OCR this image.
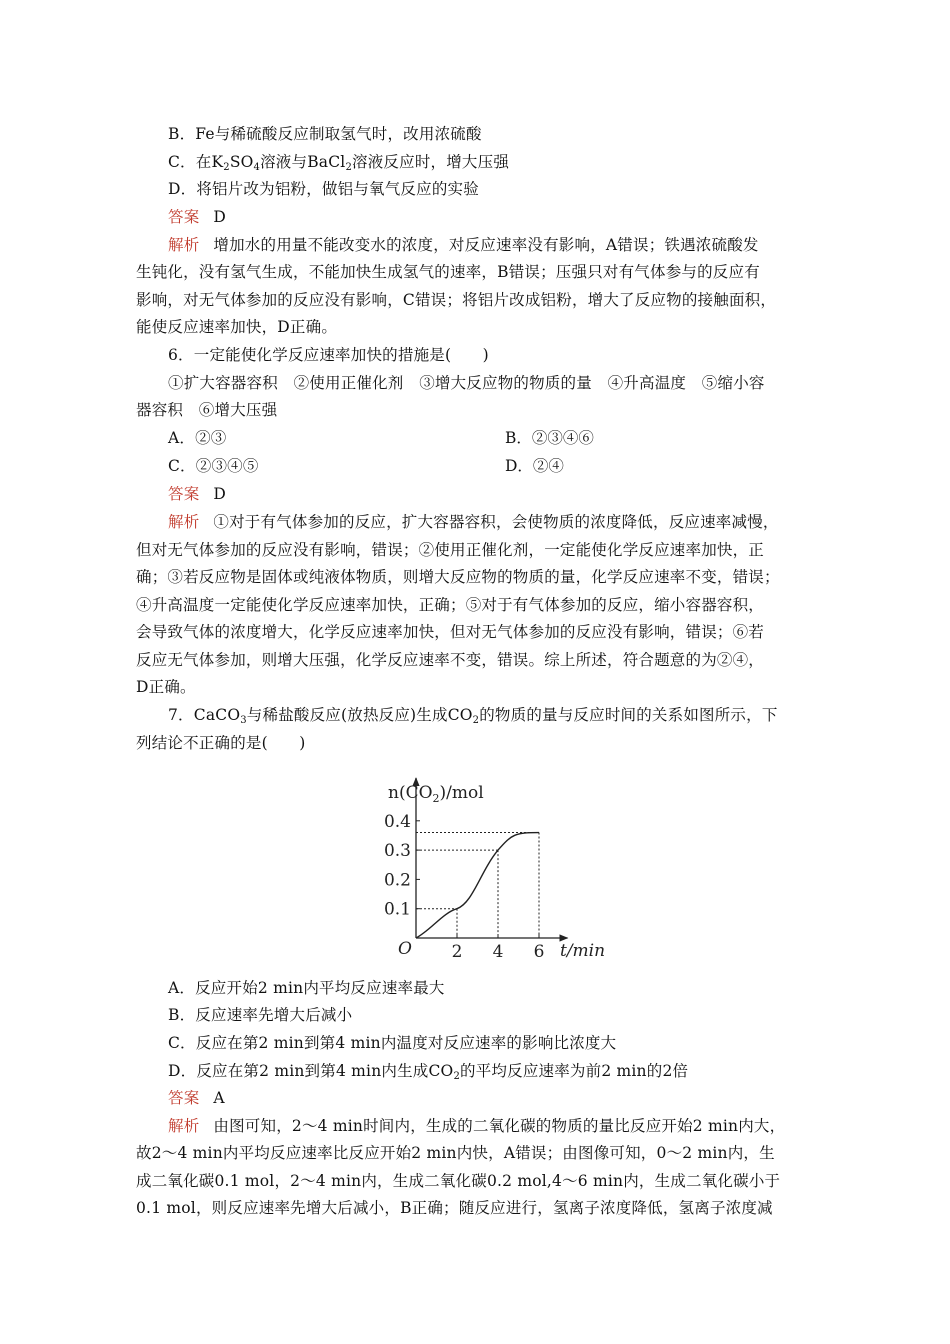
B．Fe与稀硫酸反应制取氢气时，改用浓硫酸
C．在$K_2SO_4$溶液与BaCl$_2$溶液反应时，增大压强
D．将铝片改为铝粉，做铝与氧气反应的实验
答案 D
解析 增加水的用量不能改变水的浓度，对反应速率没有影响，A错误；铁遇浓硫酸发
生钝化，没有氢气生成，不能加快生成氢气的速率，B错误；压强只对有气体参与的反应有
影响，对无气体参加的反应没有影响，C错误；将铝片改成铝粉，增大了反应物的接触面积，
能使反应速率加快，D正确。
6．一定能使化学反应速率加快的措施是(　　)
①扩大容器容积　②使用正催化剂　③增大反应物的物质的量　④升高温度　⑤缩小容
器容积　⑥增大压强
A．②③	B．②③④⑥
C．②③④⑤	D．②④
答案 D
解析 ①对于有气体参加的反应，扩大容器容积，会使物质的浓度降低，反应速率减慢，
但对无气体参加的反应没有影响，错误；②使用正催化剂，一定能使化学反应速率加快，正
确；③若反应物是固体或纯液体物质，则增大反应物的物质的量，化学反应速率不变，错误；
④升高温度一定能使化学反应速率加快，正确；⑤对于有气体参加的反应，缩小容器容积，
会导致气体的浓度增大，化学反应速率加快，但对无气体参加的反应没有影响，错误；⑥若
反应无气体参加，则增大压强，化学反应速率不变，错误。综上所述，符合题意的为②④，
D正确。
7．CaCO$_3$与稀盐酸反应(放热反应)生成$CO_2$的物质的量与反应时间的关系如图所示，下
列结论不正确的是(　　)
0.1
0.2
0.3
0.4
2 4 6
$n(CO_2)$/mol
t/min
O
A．反应开始2 min内平均反应速率最大
B．反应速率先增大后减小
C．反应在第2 min到第4 min内温度对反应速率的影响比浓度大
D．反应在第2 min到第4 min内生成$CO_2$的平均反应速率为前2 min的2倍
答案 A
解析 由图可知，2～4 min时间内，生成的二氧化碳的物质的量比反应开始2 min内大，
故2～4 min内平均反应速率比反应开始2 min内快，A错误；由图像可知，0～2 min内，生
成二氧化碳0.1 mol，2～4 min内，生成二氧化碳0.2 mol,4～6 min内，生成二氧化碳小于
0.1 mol，则反应速率先增大后减小，B正确；随反应进行，氢离子浓度降低，氢离子浓度减
